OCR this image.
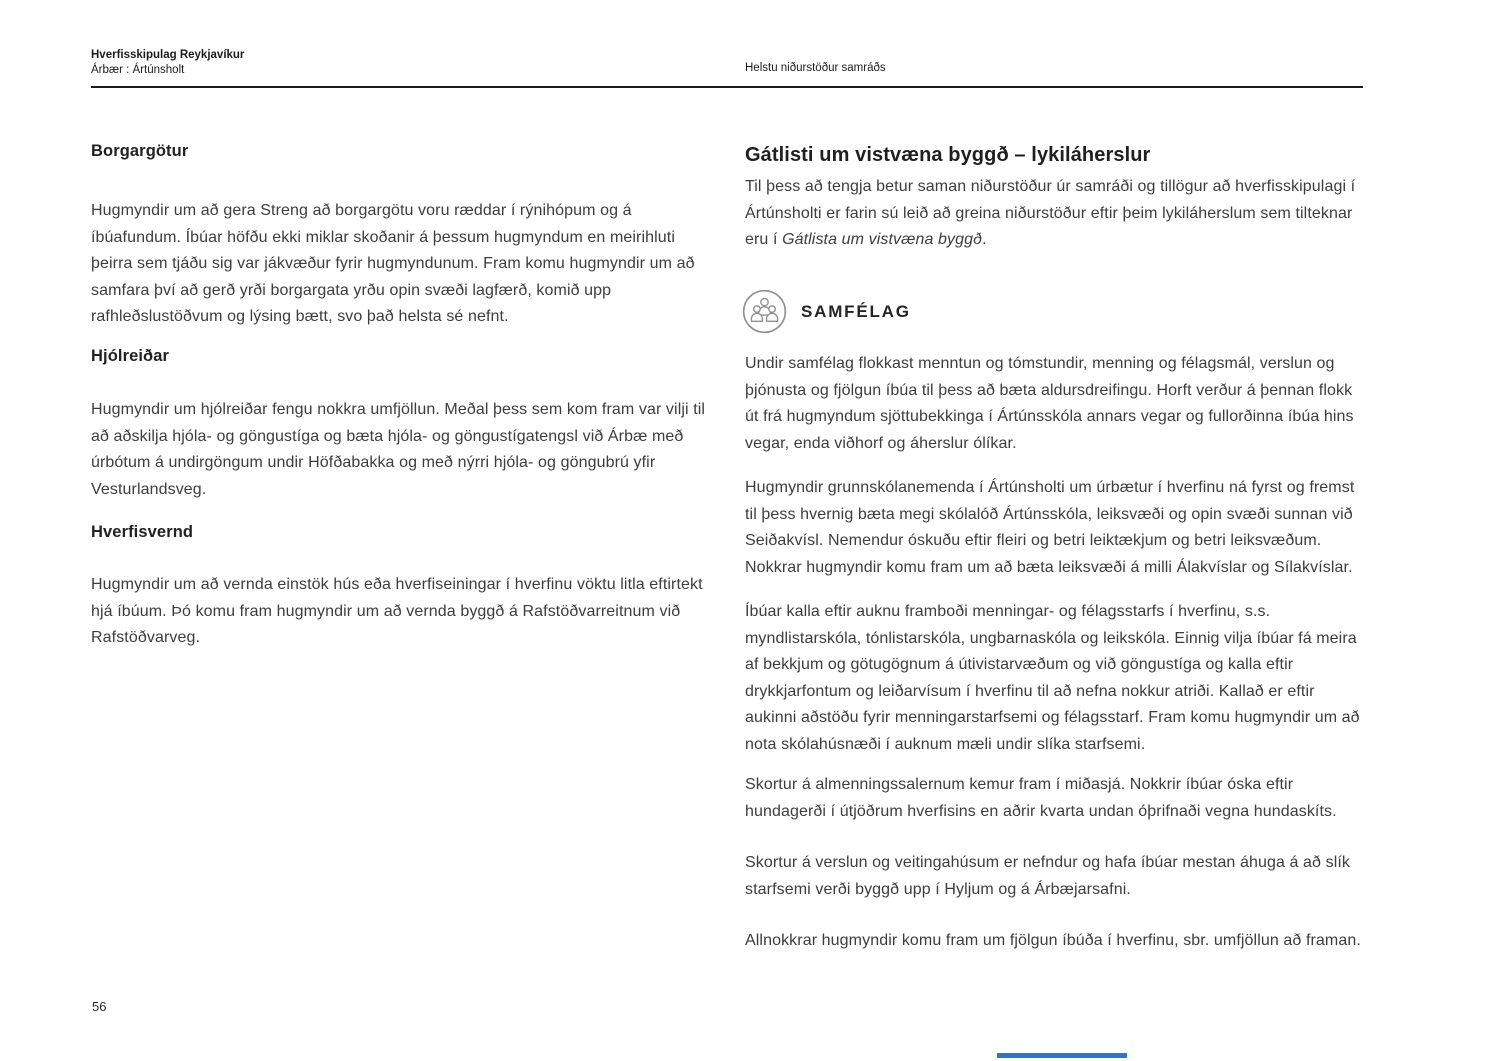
Hverfisskipulag Reykjavíkur
Árbær : Ártúnsholt	Helstu niðurstöður samráðs
Borgargötur

Hugmyndir um að gera Streng að borgargötu voru ræddar í rýnihópum og á íbúafundum. Íbúar höfðu ekki miklar skoðanir á þessum hugmyndum en meirihluti þeirra sem tjáðu sig var jákvæður fyrir hugmyndunum. Fram komu hugmyndir um að samfara því að gerð yrði borgargata yrðu opin svæði lagfærð, komið upp rafhleðslustöðvum og lýsing bætt, svo það helsta sé nefnt.

Hjólreiðar

Hugmyndir um hjólreiðar fengu nokkra umfjöllun. Meðal þess sem kom fram var vilji til að aðskilja hjóla- og göngustíga og bæta hjóla- og göngustígatengsl við Árbæ með úrbótum á undirgöngum undir Höfðabakka og með nýrri hjóla- og göngubrú yfir Vesturlandsveg.

Hverfisvernd

Hugmyndir um að vernda einstök hús eða hverfiseiningar í hverfinu vöktu litla eftirtekt hjá íbúum. Þó komu fram hugmyndir um að vernda byggð á Rafstöðvarreitnum við Rafstöðvarveg.

Gátlisti um vistvæna byggð – lykiláherslur

Til þess að tengja betur saman niðurstöður úr samráði og tillögur að hverfisskipulagi í Ártúnsholti er farin sú leið að greina niðurstöður eftir þeim lykiláherslum sem tilteknar eru í Gátlista um vistvæna byggð.

SAMFÉLAG

Undir samfélag flokkast menntun og tómstundir, menning og félagsmál, verslun og þjónusta og fjölgun íbúa til þess að bæta aldursdreifingu. Horft verður á þennan flokk út frá hugmyndum sjöttubekkinga í Ártúnsskóla annars vegar og fullorðinna íbúa hins vegar, enda viðhorf og áherslur ólíkar.

Hugmyndir grunnskólanemenda í Ártúnsholti um úrbætur í hverfinu ná fyrst og fremst til þess hvernig bæta megi skólalóð Ártúnsskóla, leiksvæði og opin svæði sunnan við Seiðakvísl. Nemendur óskuðu eftir fleiri og betri leiktækjum og betri leiksvæðum. Nokkrar hugmyndir komu fram um að bæta leiksvæði á milli Álakvíslar og Sílakvíslar.

Íbúar kalla eftir auknu framboði menningar- og félagsstarfs í hverfinu, s.s. myndlistarskóla, tónlistarskóla, ungbarnaskóla og leikskóla. Einnig vilja íbúar fá meira af bekkjum og götugögnum á útivistarvæðum og við göngustíga og kalla eftir drykkjarfontum og leiðarvísum í hverfinu til að nefna nokkur atriði. Kallað er eftir aukinni aðstöðu fyrir menningarstarfsemi og félagsstarf. Fram komu hugmyndir um að nota skólahúsnæði í auknum mæli undir slíka starfsemi.

Skortur á almenningssalernum kemur fram í miðasjá. Nokkrir íbúar óska eftir hundagerði í útjöðrum hverfisins en aðrir kvarta undan óþrifnaði vegna hundaskíts.

Skortur á verslun og veitingahúsum er nefndur og hafa íbúar mestan áhuga á að slík starfsemi verði byggð upp í Hyljum og á Árbæjarsafni.

Allnokkrar hugmyndir komu fram um fjölgun íbúða í hverfinu, sbr. umfjöllun að framan.

56
